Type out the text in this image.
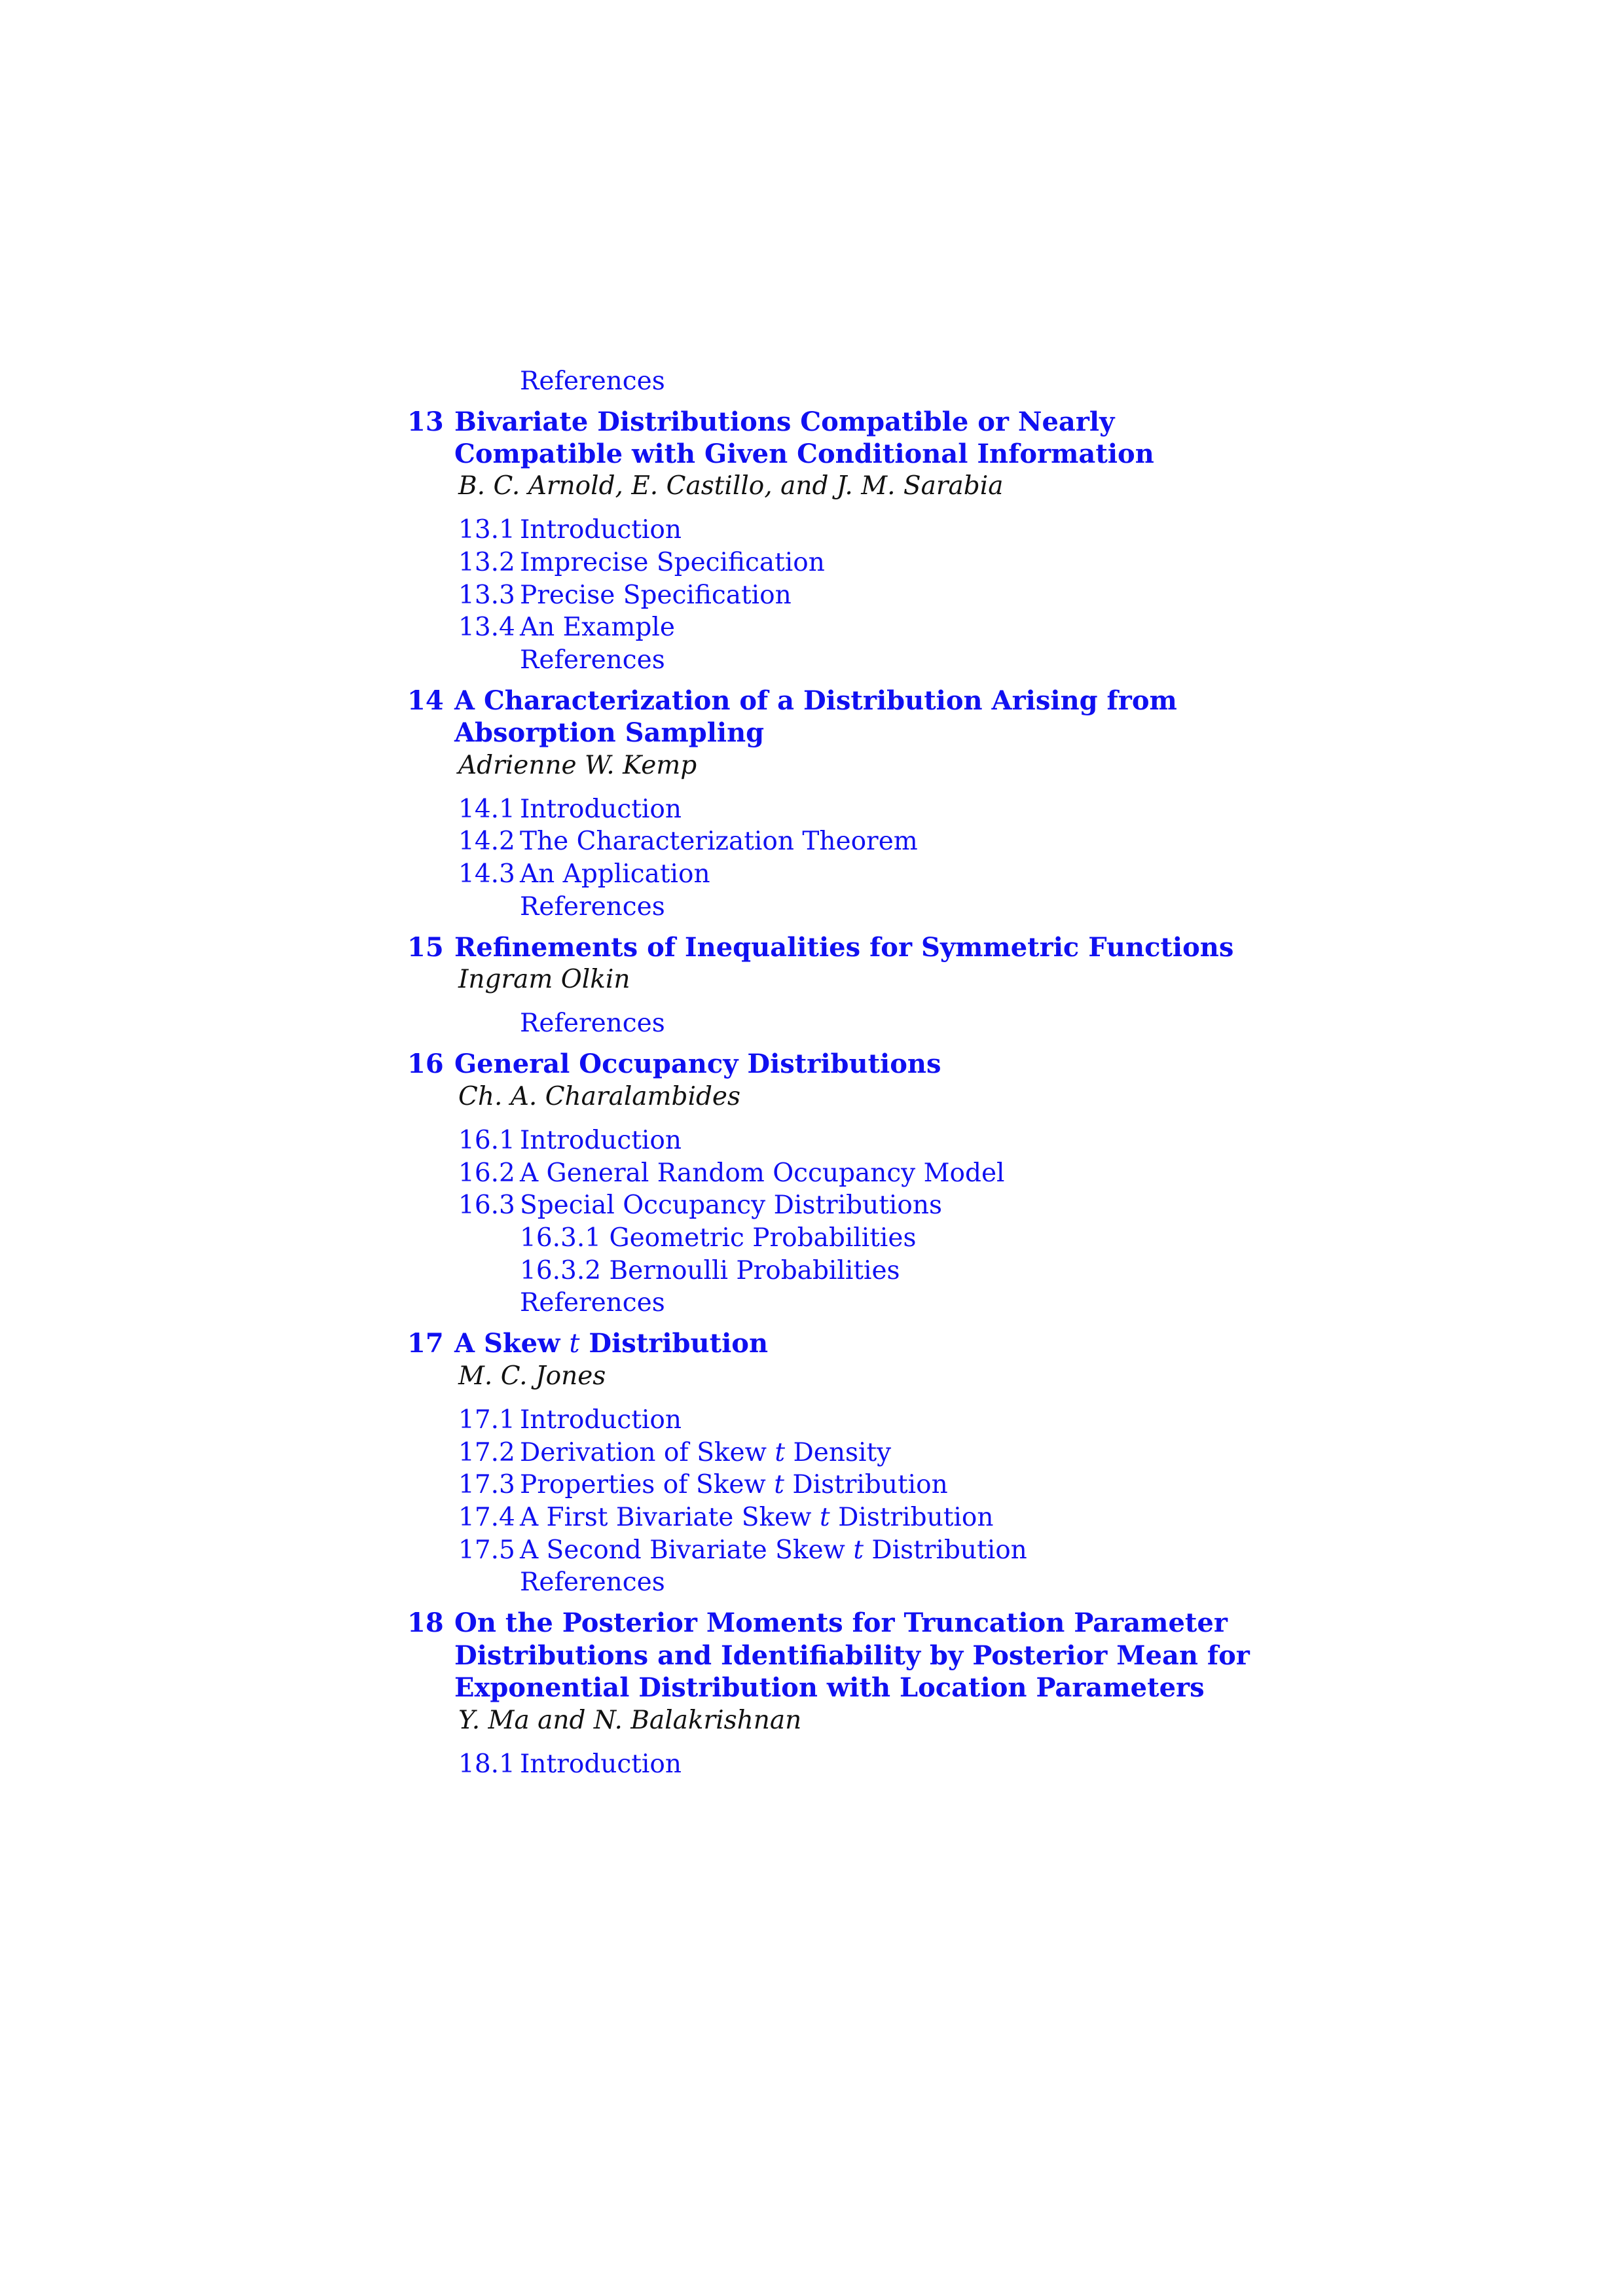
References
13 Bivariate Distributions Compatible or Nearly
Compatible with Given Conditional Information
B. C. Arnold, E. Castillo, and J. M. Sarabia
13.1 Introduction
13.2 Imprecise Specification
13.3 Precise Specification
13.4 An Example
References
14 A Characterization of a Distribution Arising from
Absorption Sampling
Adrienne W. Kemp
14.1 Introduction
14.2 The Characterization Theorem
14.3 An Application
References
15 Refinements of Inequalities for Symmetric Functions
Ingram Olkin
References
16 General Occupancy Distributions
Ch. A. Charalambides
16.1 Introduction
16.2 A General Random Occupancy Model
16.3 Special Occupancy Distributions
16.3.1 Geometric Probabilities
16.3.2 Bernoulli Probabilities
References
17 A Skew t Distribution
M. C. Jones
17.1 Introduction
17.2 Derivation of Skew t Density
17.3 Properties of Skew t Distribution
17.4 A First Bivariate Skew t Distribution
17.5 A Second Bivariate Skew t Distribution
References
18 On the Posterior Moments for Truncation Parameter
Distributions and Identifiability by Posterior Mean for
Exponential Distribution with Location Parameters
Y. Ma and N. Balakrishnan
18.1 Introduction
